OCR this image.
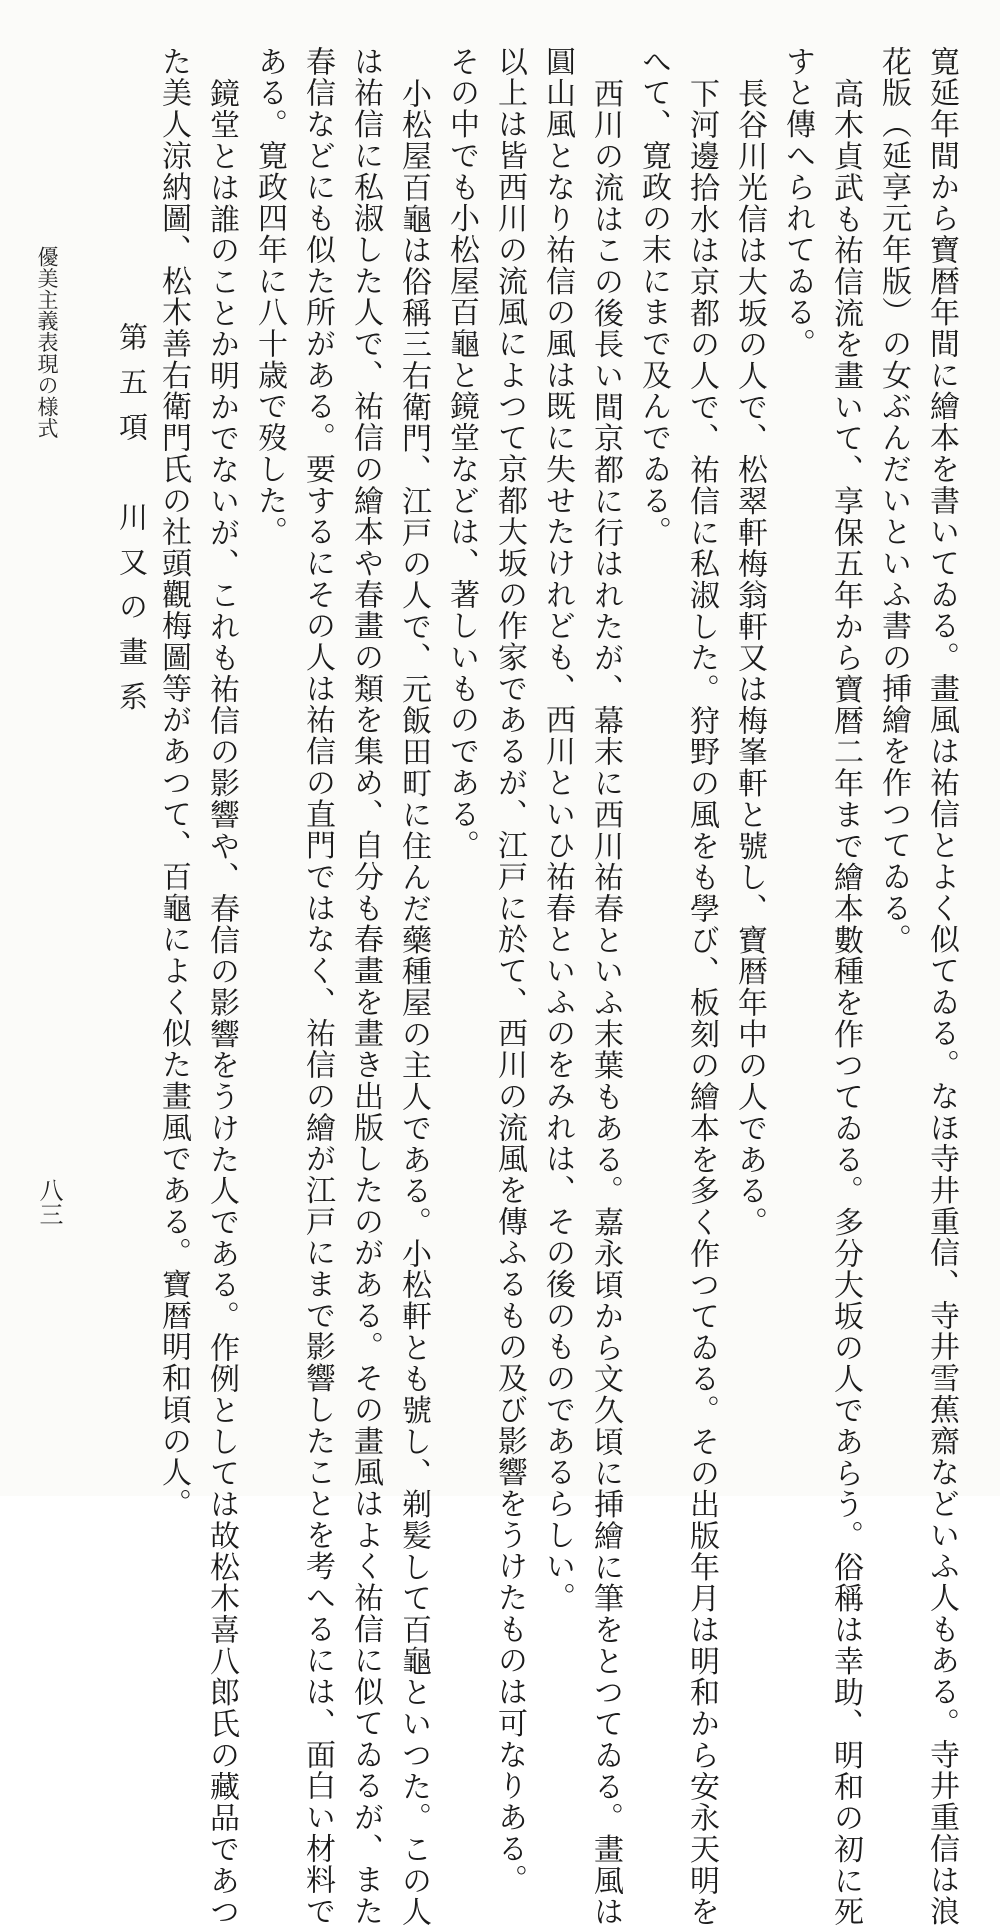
寛延年間から寶暦年間に繪本を書いてゐる。畫風は祐信とよく似てゐる。なほ寺井重信、寺井雪蕉齋などいふ人もある。寺井重信は浪
花版（延享元年版）の女ぶんだいといふ書の挿繪を作つてゐる。
高木貞武も祐信流を畫いて、享保五年から寶暦二年まで繪本數種を作つてゐる。多分大坂の人であらう。俗稱は幸助、明和の初に死
すと傳へられてゐる。
長谷川光信は大坂の人で、松翠軒梅翁軒又は梅峯軒と號し、寶暦年中の人である。
下河邊拾水は京都の人で、祐信に私淑した。狩野の風をも學び、板刻の繪本を多く作つてゐる。その出版年月は明和から安永天明を
へて、寛政の末にまで及んでゐる。
西川の流はこの後長い間京都に行はれたが、幕末に西川祐春といふ末葉もある。嘉永頃から文久頃に挿繪に筆をとつてゐる。畫風は
圓山風となり祐信の風は既に失せたけれども、西川といひ祐春といふのをみれは、その後のものであるらしい。
以上は皆西川の流風によつて京都大坂の作家であるが、江戸に於て、西川の流風を傳ふるもの及び影響をうけたものは可なりある。
その中でも小松屋百龜と鏡堂などは、著しいものである。
小松屋百龜は俗稱三右衛門、江戸の人で、元飯田町に住んだ藥種屋の主人である。小松軒とも號し、剃髪して百龜といつた。この人
は祐信に私淑した人で、祐信の繪本や春畫の類を集め、自分も春畫を畫き出版したのがある。その畫風はよく祐信に似てゐるが、また
春信などにも似た所がある。要するにその人は祐信の直門ではなく、祐信の繪が江戸にまで影響したことを考へるには、面白い材料で
ある。寛政四年に八十歳で歿した。
鏡堂とは誰のことか明かでないが、これも祐信の影響や、春信の影響をうけた人である。作例としては故松木喜八郎氏の藏品であつ
た美人涼納圖、松木善右衛門氏の社頭觀梅圖等があつて、百龜によく似た畫風である。寶暦明和頃の人。
第五項　川又の畫系
優美主義表現の様式
八三
